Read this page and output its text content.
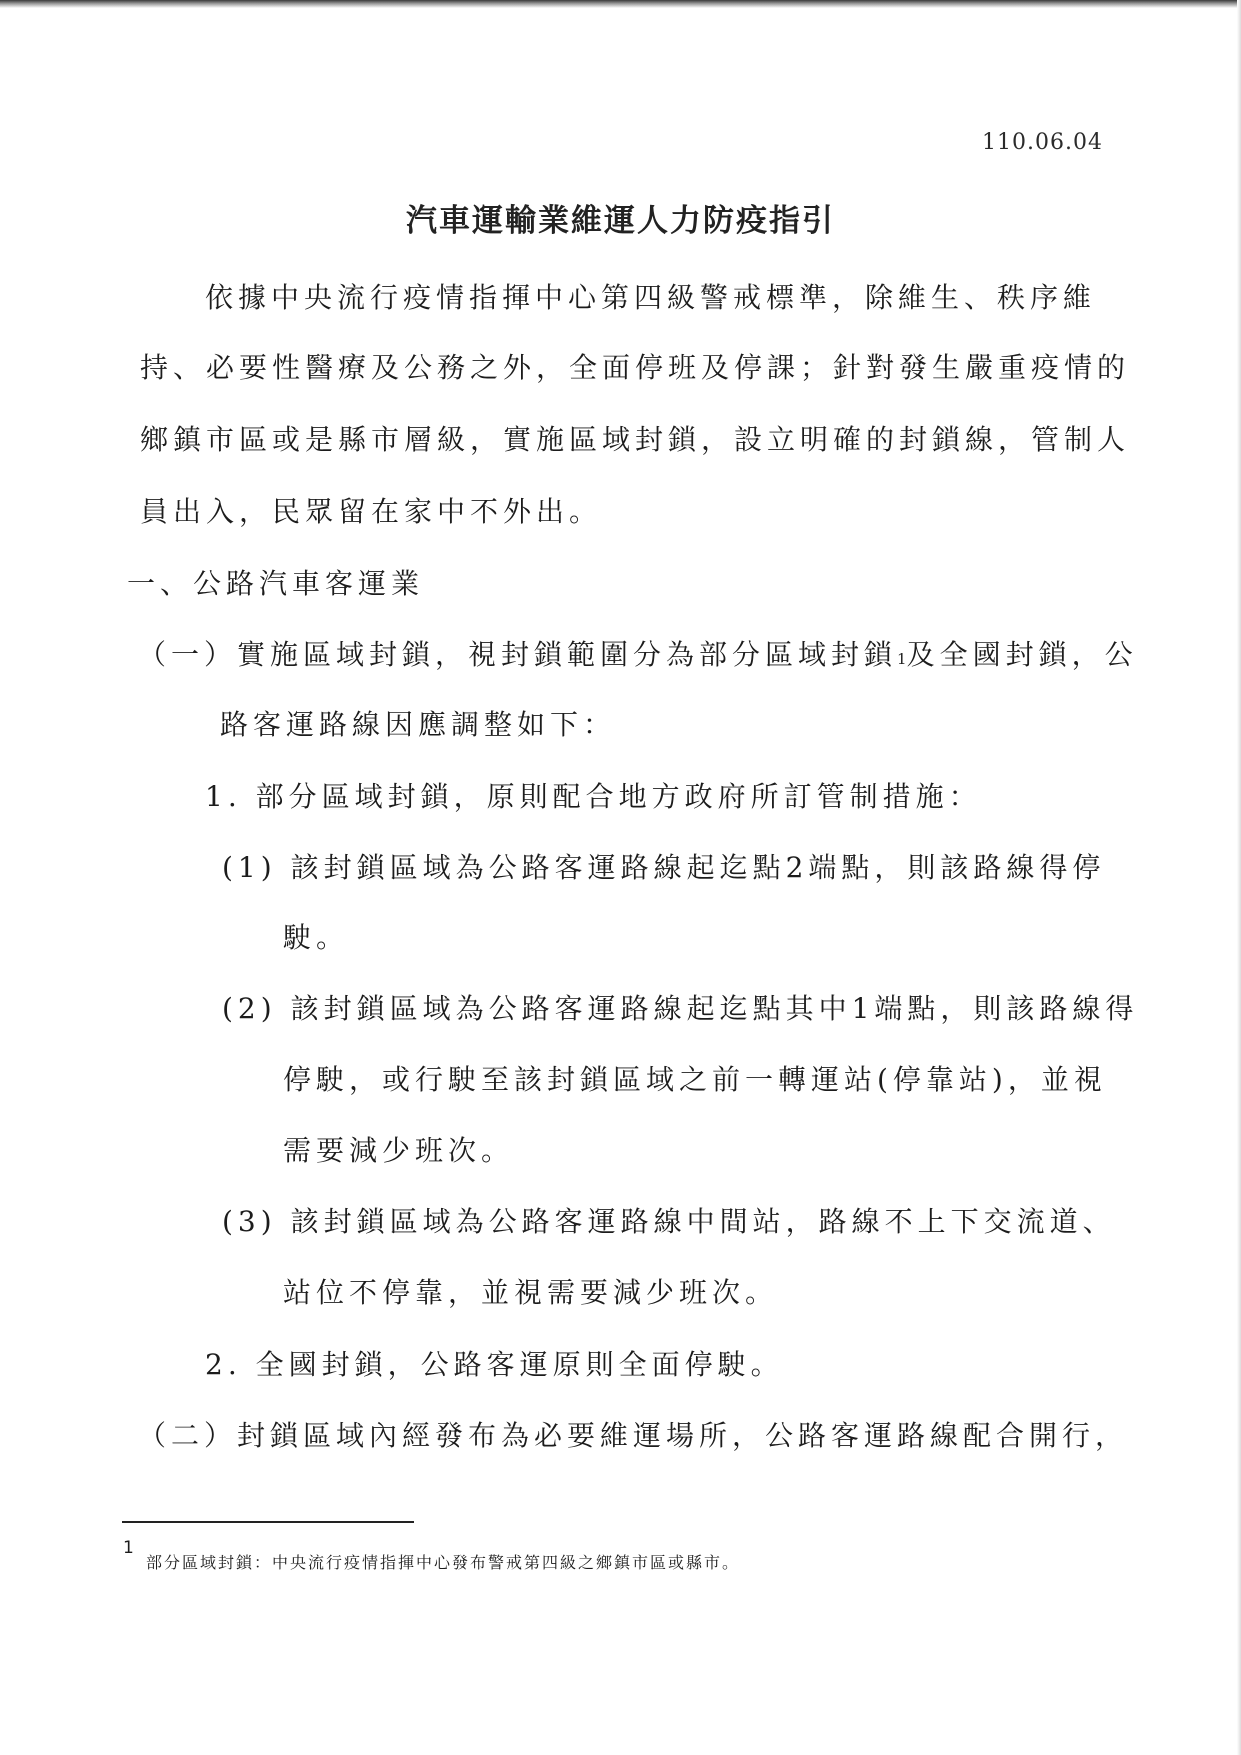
110.06.04
汽車運輸業維運人力防疫指引
依據中央流行疫情指揮中心第四級警戒標準，除維生、秩序維
持、必要性醫療及公務之外，全面停班及停課；針對發生嚴重疫情的
鄉鎮市區或是縣市層級，實施區域封鎖，設立明確的封鎖線，管制人
員出入，民眾留在家中不外出。
一、公路汽車客運業
（一）實施區域封鎖，視封鎖範圍分為部分區域封鎖1及全國封鎖，公
路客運路線因應調整如下：
1. 部分區域封鎖，原則配合地方政府所訂管制措施：
(1) 該封鎖區域為公路客運路線起迄點2端點，則該路線得停
駛。
(2) 該封鎖區域為公路客運路線起迄點其中1端點，則該路線得
停駛，或行駛至該封鎖區域之前一轉運站(停靠站)，並視
需要減少班次。
(3) 該封鎖區域為公路客運路線中間站，路線不上下交流道、
站位不停靠，並視需要減少班次。
2. 全國封鎖，公路客運原則全面停駛。
（二）封鎖區域內經發布為必要維運場所，公路客運路線配合開行，
1
部分區域封鎖：中央流行疫情指揮中心發布警戒第四級之鄉鎮市區或縣市。
